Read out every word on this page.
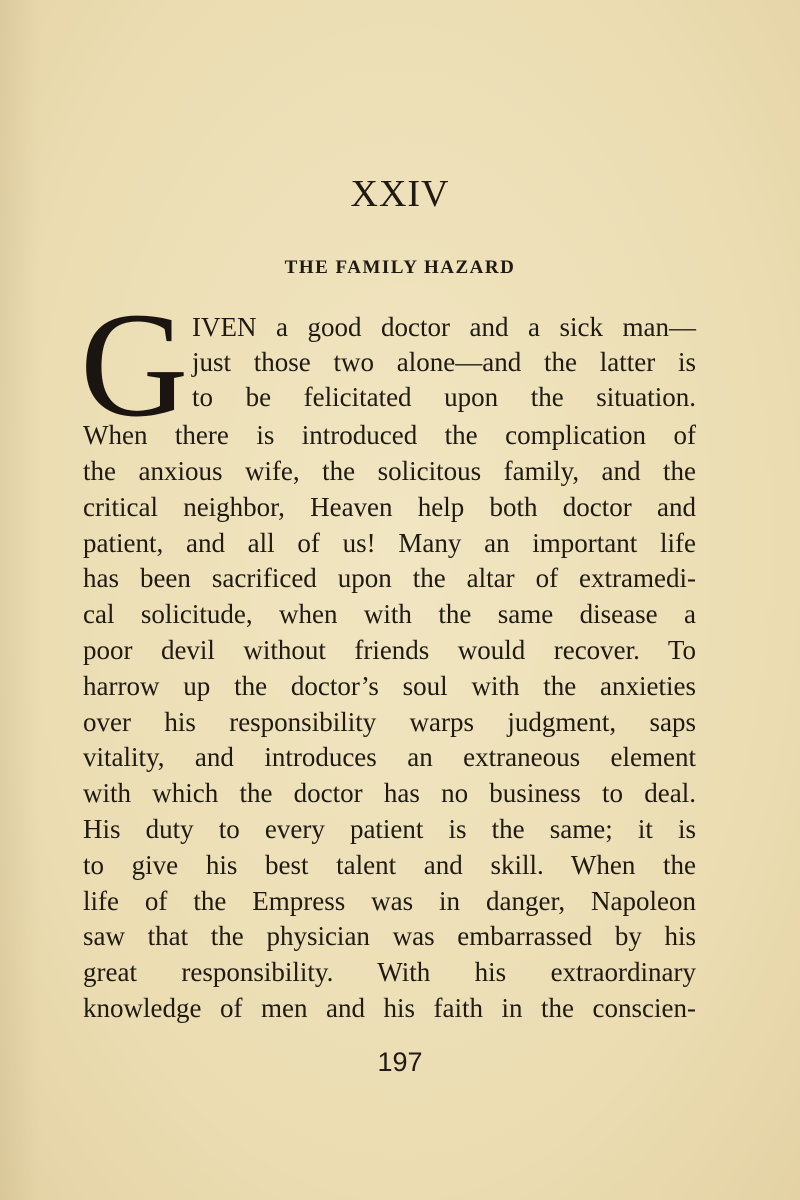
XXIV
THE FAMILY HAZARD
G IVEN a good doctor and a sick man—
just those two alone—and the latter is
to be felicitated upon the situation.
When there is introduced the complication of
the anxious wife, the solicitous family, and the
critical neighbor, Heaven help both doctor and
patient, and all of us! Many an important life
has been sacrificed upon the altar of extramedi-
cal solicitude, when with the same disease a
poor devil without friends would recover. To
harrow up the doctor’s soul with the anxieties
over his responsibility warps judgment, saps
vitality, and introduces an extraneous element
with which the doctor has no business to deal.
His duty to every patient is the same; it is
to give his best talent and skill. When the
life of the Empress was in danger, Napoleon
saw that the physician was embarrassed by his
great responsibility. With his extraordinary
knowledge of men and his faith in the conscien-
197
